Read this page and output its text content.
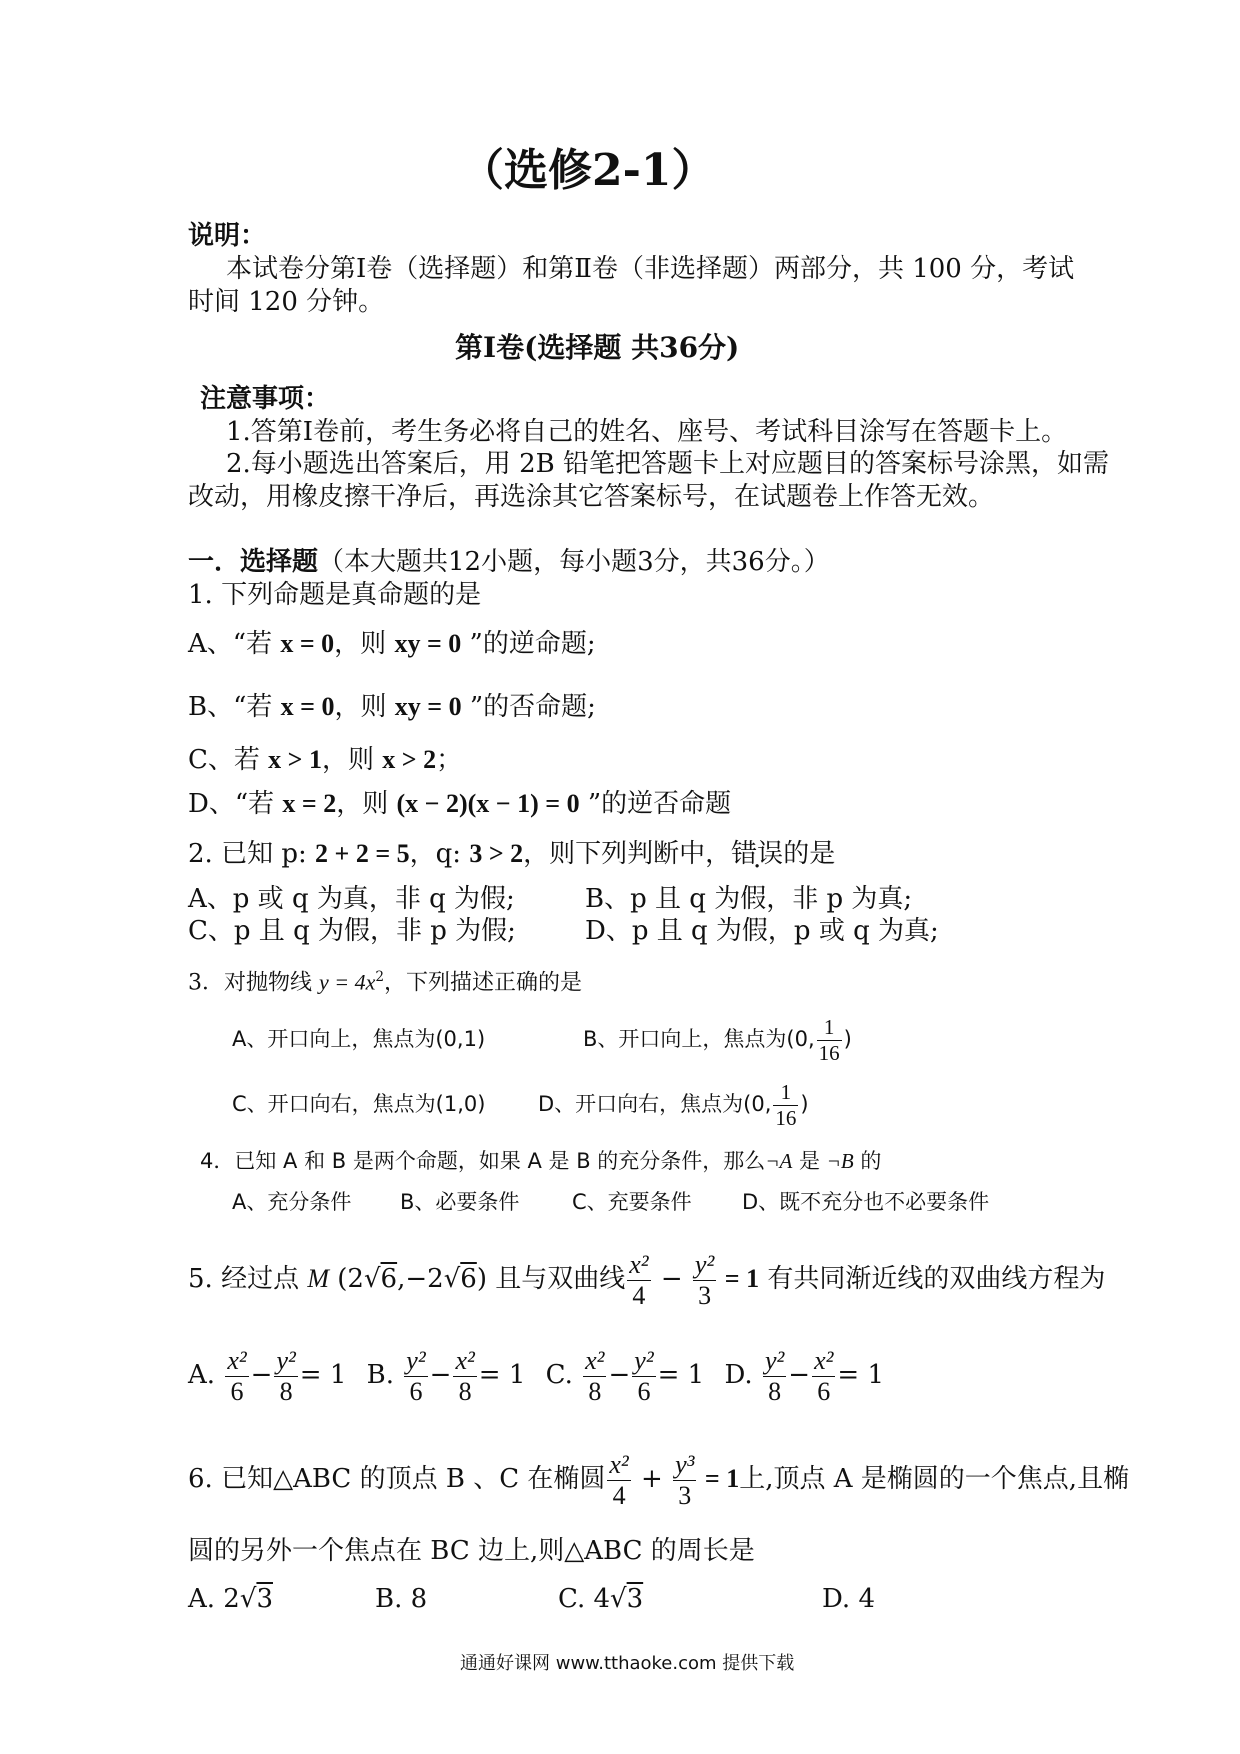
（选修2-1）
说明：
本试卷分第Ⅰ卷（选择题）和第Ⅱ卷（非选择题）两部分，共 100 分，考试
时间 120 分钟。
第Ⅰ卷(选择题 共36分)
注意事项：
1.答第Ⅰ卷前，考生务必将自己的姓名、座号、考试科目涂写在答题卡上。
2.每小题选出答案后，用 2B 铅笔把答题卡上对应题目的答案标号涂黑，如需
改动，用橡皮擦干净后，再选涂其它答案标号，在试题卷上作答无效。
一．选择题（本大题共12小题，每小题3分，共36分。）
1. 下列命题是真命题的是
A、“若 x = 0，则 xy = 0 ”的逆命题;
B、“若 x = 0，则 xy = 0 ”的否命题;
C、若 x > 1，则 x > 2；
D、“若 x = 2，则 (x − 2)(x − 1) = 0 ”的逆否命题
2. 已知 p: 2 + 2 = 5，q: 3 > 2，则下列判断中，错误的是
A、p 或 q 为真，非 q 为假;	B、p 且 q 为假，非 p 为真;
C、p 且 q 为假，非 p 为假;	D、p 且 q 为假，p 或 q 为真;
3．对抛物线 $y = 4x^2$，下列描述正确的是
A、开口向上，焦点为(0,1)	B、开口向上，焦点为(0, $\frac{1}{16}$ )
C、开口向右，焦点为(1,0)	D、开口向右，焦点为(0, $\frac{1}{16}$ )
4．已知 A 和 B 是两个命题，如果 A 是 B 的充分条件，那么¬A 是 ¬B 的
A、充分条件 B、必要条件	C、充要条件 D、既不充分也不必要条件
5. 经过点 M (2√6,−2√6) 且与双曲线 $\frac{\text{x²}}{4} - \frac{\text{y²}}{3} = 1$ 有共同渐近线的双曲线方程为
A. $\frac{\text{x²}}{6} - \frac{\text{y²}}{8} = 1$ B. $\frac{\text{y²}}{6} - \frac{\text{x²}}{8} = 1$ C. $\frac{\text{x²}}{8} - \frac{\text{y²}}{6} = 1$ D. $\frac{\text{y²}}{8} - \frac{\text{x²}}{6} = 1$
6. 已知△ABC 的顶点 B 、C 在椭圆 $\frac{\text{x²}}{4} + \frac{\text{y³}}{3} = 1$上,顶点 A 是椭圆的一个焦点,且椭
圆的另外一个焦点在 BC 边上,则△ABC 的周长是
A. 2√3	B. 8	C. 4√3	D. 4
通通好课网 www.tthaoke.com 提供下载
